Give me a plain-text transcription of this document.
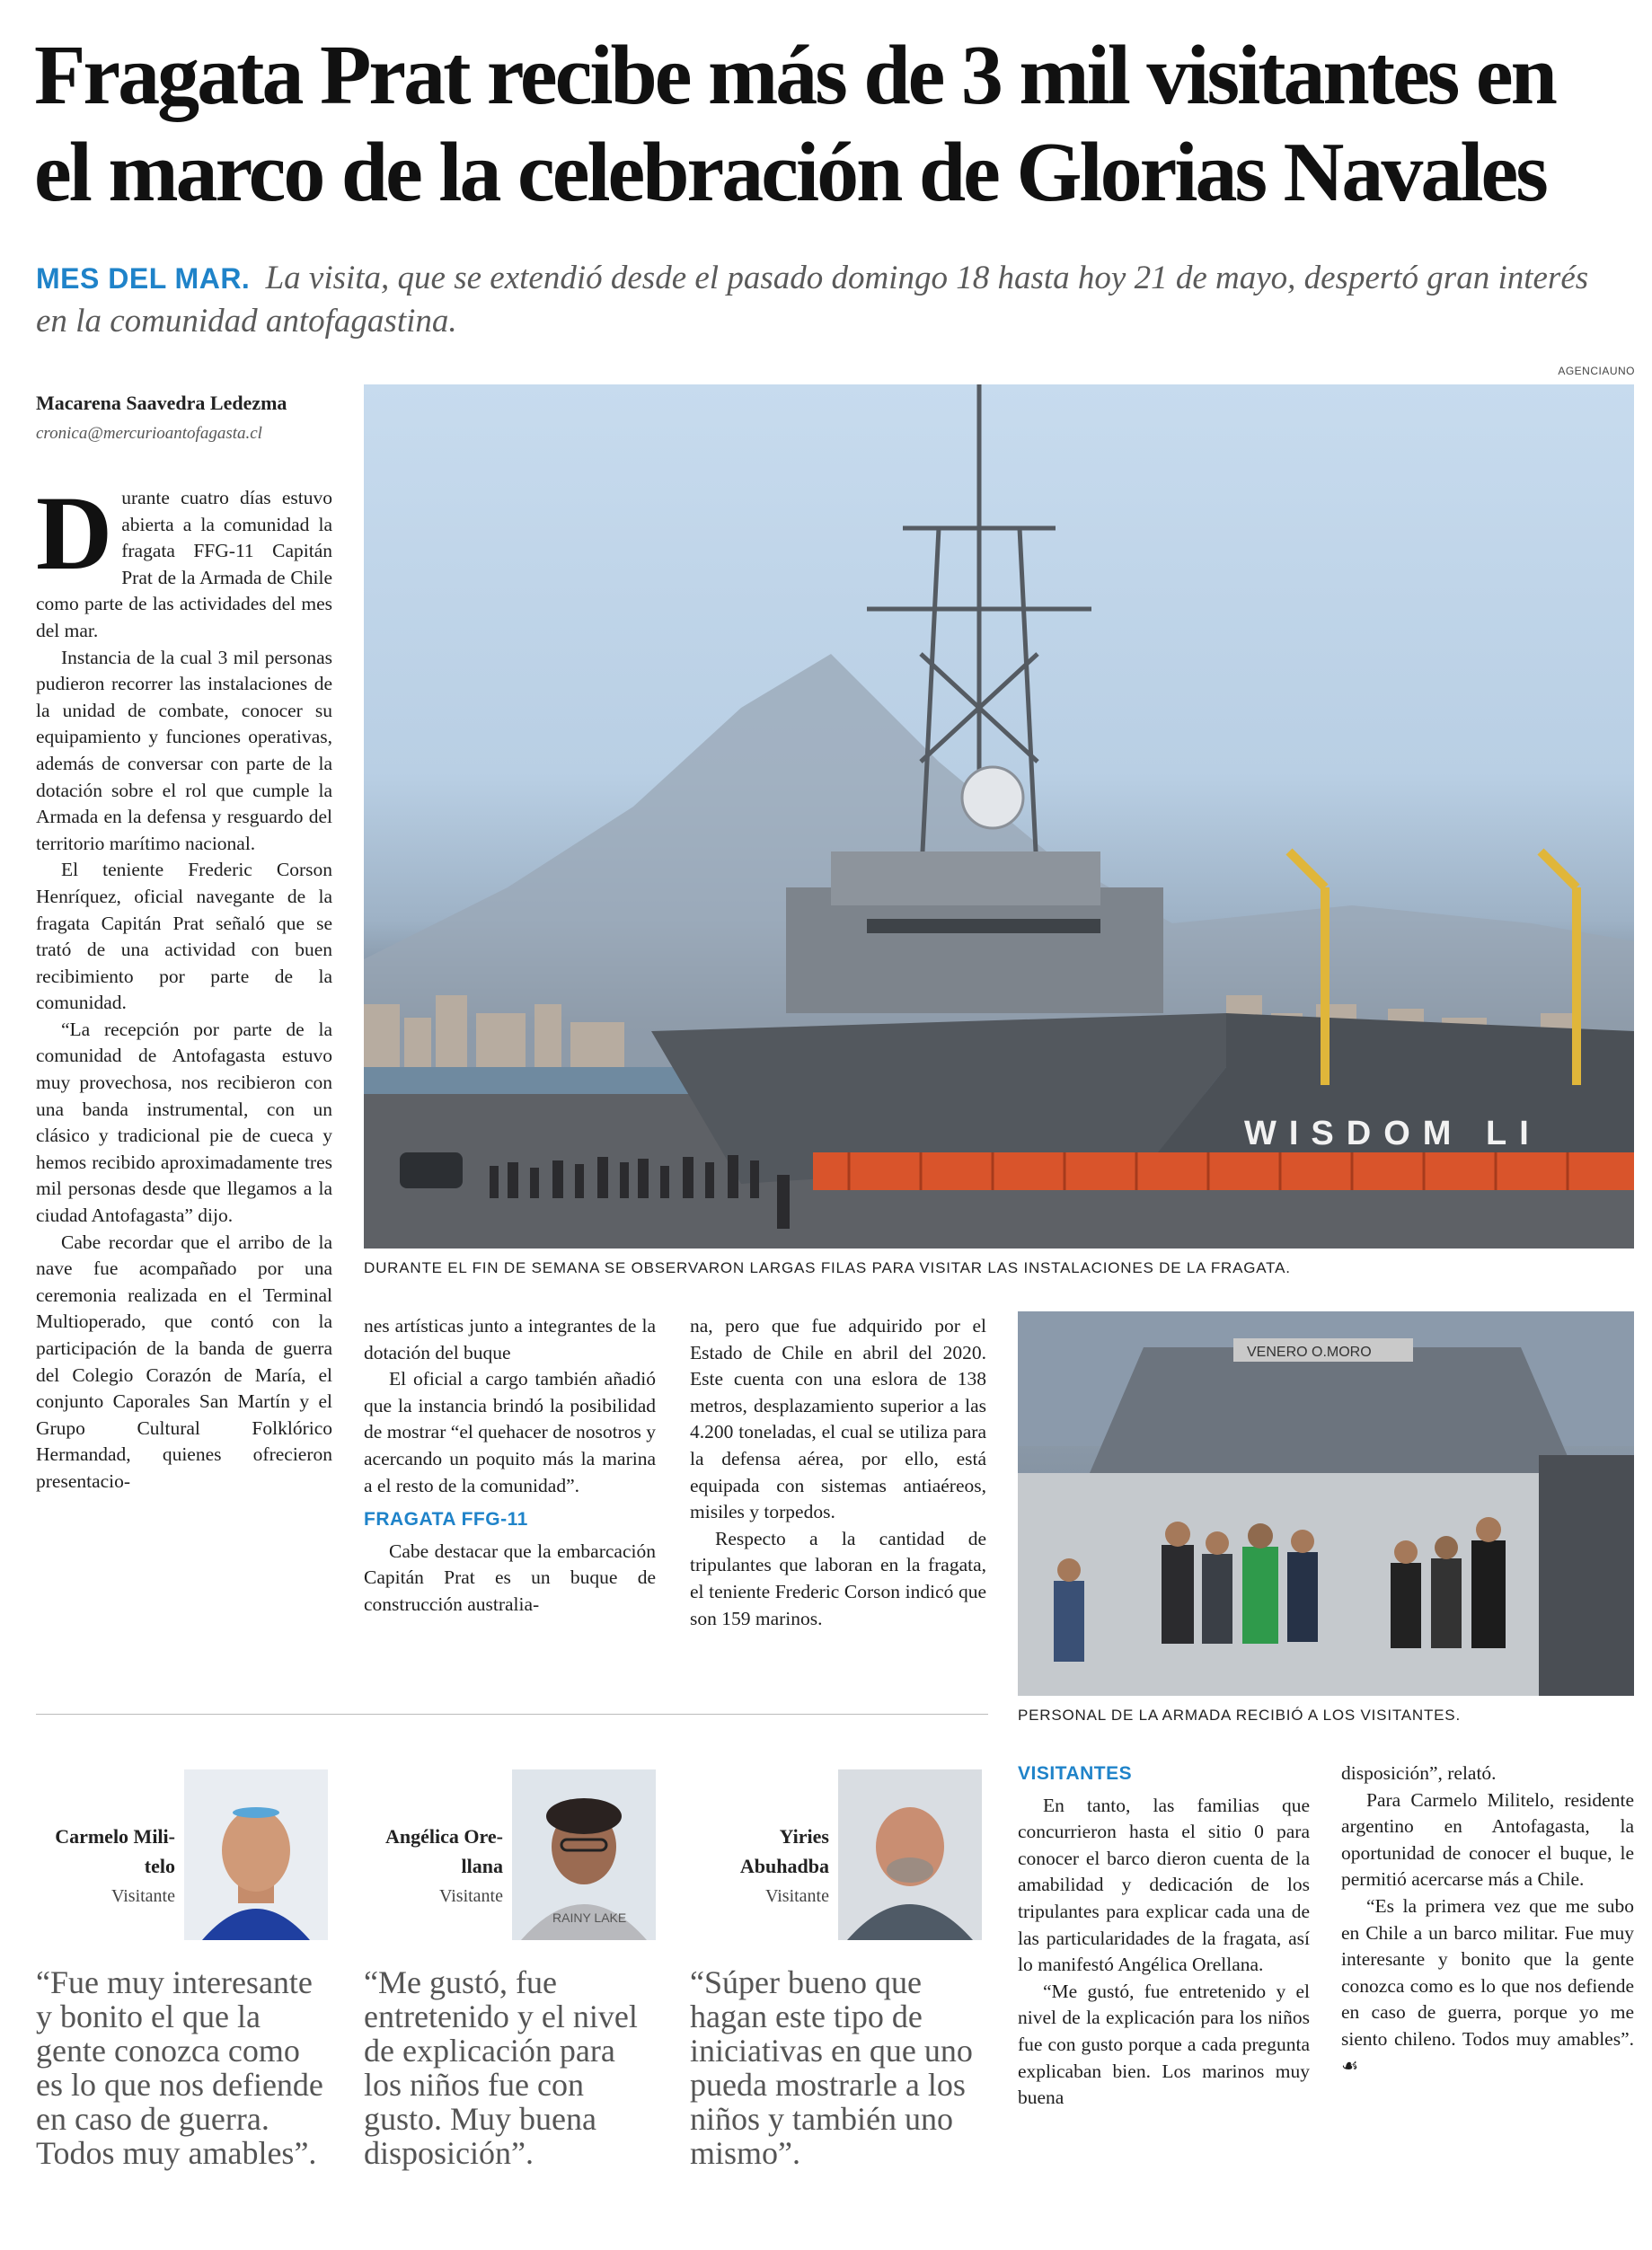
Fragata Prat recibe más de 3 mil visitantes en
el marco de la celebración de Glorias Navales
MES DEL MAR. La visita, que se extendió desde el pasado domingo 18 hasta hoy 21 de mayo, despertó gran interés en la comunidad antofagastina.
AGENCIAUNO
Macarena Saavedra Ledezma
cronica@mercurioantofagasta.cl
WISDOM LI
DURANTE EL FIN DE SEMANA SE OBSERVARON LARGAS FILAS PARA VISITAR LAS INSTALACIONES DE LA FRAGATA.
VENERO O.MORO
PERSONAL DE LA ARMADA RECIBIÓ A LOS VISITANTES.

Durante cuatro días estuvo abierta a la comunidad la fragata FFG-11 Capitán Prat de la Armada de Chile como parte de las actividades del mes del mar.

Instancia de la cual 3 mil personas pudieron recorrer las instalaciones de la unidad de combate, conocer su equipamiento y funciones operativas, además de conversar con parte de la dotación sobre el rol que cumple la Armada en la defensa y resguardo del territorio marítimo nacional.

El teniente Frederic Corson Henríquez, oficial navegante de la fragata Capitán Prat señaló que se trató de una actividad con buen recibimiento por parte de la comunidad.

“La recepción por parte de la comunidad de Antofagasta estuvo muy provechosa, nos recibieron con una banda instrumental, con un clásico y tradicional pie de cueca y hemos recibido aproximadamente tres mil personas desde que llegamos a la ciudad Antofagasta” dijo.

Cabe recordar que el arribo de la nave fue acompañado por una ceremonia realizada en el Terminal Multioperado, que contó con la participación de la banda de guerra del Colegio Corazón de María, el conjunto Caporales San Martín y el Grupo Cultural Folklórico Hermandad, quienes ofrecieron presentacio-

nes artísticas junto a integrantes de la dotación del buque

El oficial a cargo también añadió que la instancia brindó la posibilidad de mostrar “el quehacer de nosotros y acercando un poquito más la marina a el resto de la comunidad”.

FRAGATA FFG-11

Cabe destacar que la embarcación Capitán Prat es un buque de construcción australia-

na, pero que fue adquirido por el Estado de Chile en abril del 2020. Este cuenta con una eslora de 138 metros, desplazamiento superior a las 4.200 toneladas, el cual se utiliza para la defensa aérea, por ello, está equipada con sistemas antiaéreos, misiles y torpedos.

Respecto a la cantidad de tripulantes que laboran en la fragata, el teniente Frederic Corson indicó que son 159 marinos.

VISITANTES

En tanto, las familias que concurrieron hasta el sitio 0 para conocer el barco dieron cuenta de la amabilidad y dedicación de los tripulantes para explicar cada una de las particularidades de la fragata, así lo manifestó Angélica Orellana.

“Me gustó, fue entretenido y el nivel de la explicación para los niños fue con gusto porque a cada pregunta explicaban bien. Los marinos muy buena

disposición”, relató.

Para Carmelo Militelo, residente argentino en Antofagasta, la oportunidad de conocer el buque, le permitió acercarse más a Chile.

“Es la primera vez que me subo en Chile a un barco militar. Fue muy interesante y bonito que la gente conozca como es lo que nos defiende en caso de guerra, porque yo me siento chileno. Todos muy amables”. ☙

Carmelo Mili-
telo
Visitante
“Fue muy interesante y bonito el que la gente conozca como es lo que nos defiende en caso de guerra. Todos muy amables”.
Angélica Ore-
llana
Visitante
RAINY LAKE
“Me gustó, fue entretenido y el nivel de explicación para los niños fue con gusto. Muy buena disposición”.
Yiries
Abuhadba
Visitante
“Súper bueno que hagan este tipo de iniciativas en que uno pueda mostrarle a los niños y también uno mismo”.
